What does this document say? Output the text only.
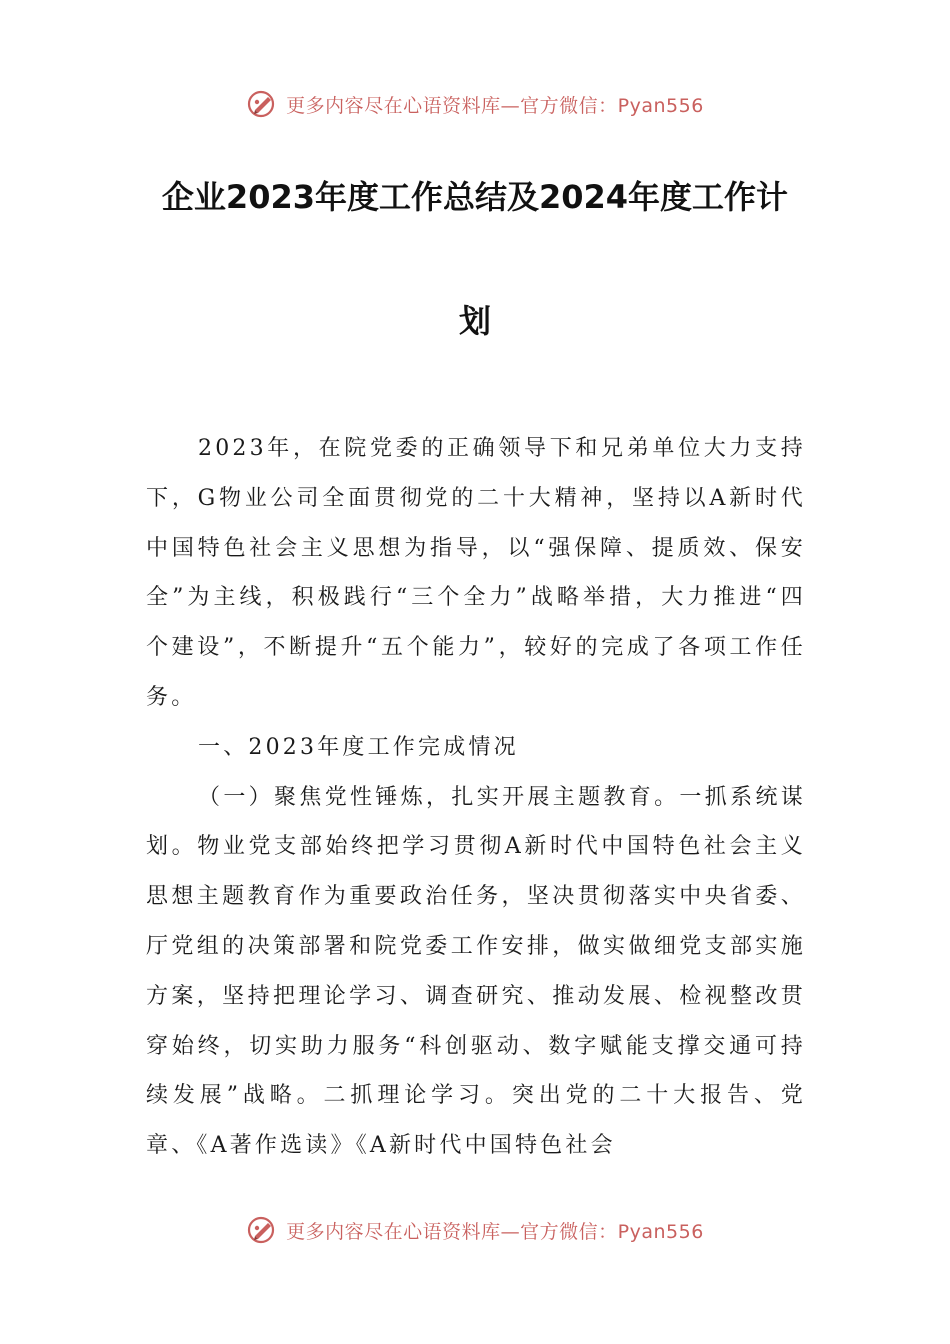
更多内容尽在心语资料库—官方微信：Pyan556
企业2023年度工作总结及2024年度工作计
划

2023年，在院党委的正确领导下和兄弟单位大力支持下，G物业公司全面贯彻党的二十大精神，坚持以A新时代中国特色社会主义思想为指导，以“强保障、提质效、保安全”为主线，积极践行“三个全力”战略举措，大力推进“四个建设”，不断提升“五个能力”，较好的完成了各项工作任务。

一、2023年度工作完成情况

（一）聚焦党性锤炼，扎实开展主题教育。一抓系统谋划。物业党支部始终把学习贯彻A新时代中国特色社会主义思想主题教育作为重要政治任务，坚决贯彻落实中央省委、厅党组的决策部署和院党委工作安排，做实做细党支部实施方案，坚持把理论学习、调查研究、推动发展、检视整改贯穿始终，切实助力服务“科创驱动、数字赋能支撑交通可持续发展”战略。二抓理论学习。突出党的二十大报告、党章、《A著作选读》《A新时代中国特色社会

更多内容尽在心语资料库—官方微信：Pyan556
